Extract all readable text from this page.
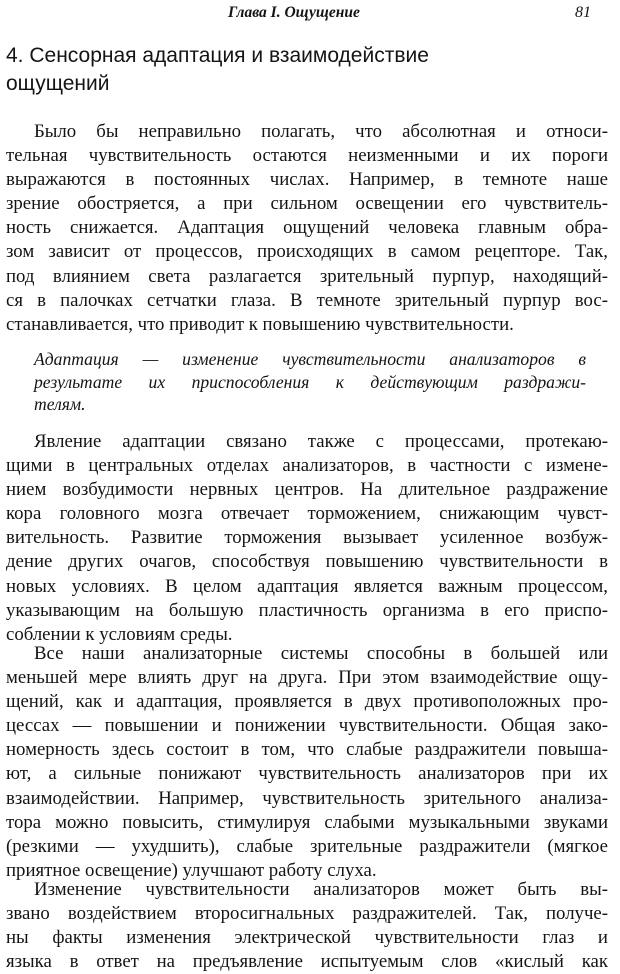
Глава I. Ощущение	81
4. Сенсорная адаптация и взаимодействие ощущений
Было бы неправильно полагать, что абсолютная и относи-
тельная чувствительность остаются неизменными и их пороги
выражаются в постоянных числах. Например, в темноте наше
зрение обостряется, а при сильном освещении его чувствитель-
ность снижается. Адаптация ощущений человека главным обра-
зом зависит от процессов, происходящих в самом рецепторе. Так,
под влиянием света разлагается зрительный пурпур, находящий-
ся в палочках сетчатки глаза. В темноте зрительный пурпур вос-
станавливается, что приводит к повышению чувствительности.
Адаптация — изменение чувствительности анализаторов в
результате их приспособления к действующим раздражи-
телям.
Явление адаптации связано также с процессами, протекаю-
щими в центральных отделах анализаторов, в частности с измене-
нием возбудимости нервных центров. На длительное раздражение
кора головного мозга отвечает торможением, снижающим чувст-
вительность. Развитие торможения вызывает усиленное возбуж-
дение других очагов, способствуя повышению чувствительности в
новых условиях. В целом адаптация является важным процессом,
указывающим на большую пластичность организма в его приспо-
соблении к условиям среды.
Все наши анализаторные системы способны в большей или
меньшей мере влиять друг на друга. При этом взаимодействие ощу-
щений, как и адаптация, проявляется в двух противоположных про-
цессах — повышении и понижении чувствительности. Общая зако-
номерность здесь состоит в том, что слабые раздражители повыша-
ют, а сильные понижают чувствительность анализаторов при их
взаимодействии. Например, чувствительность зрительного анализа-
тора можно повысить, стимулируя слабыми музыкальными звуками
(резкими — ухудшить), слабые зрительные раздражители (мягкое
приятное освещение) улучшают работу слуха.
Изменение чувствительности анализаторов может быть вы-
звано воздействием второсигнальных раздражителей. Так, получе-
ны факты изменения электрической чувствительности глаз и
языка в ответ на предъявление испытуемым слов «кислый как
